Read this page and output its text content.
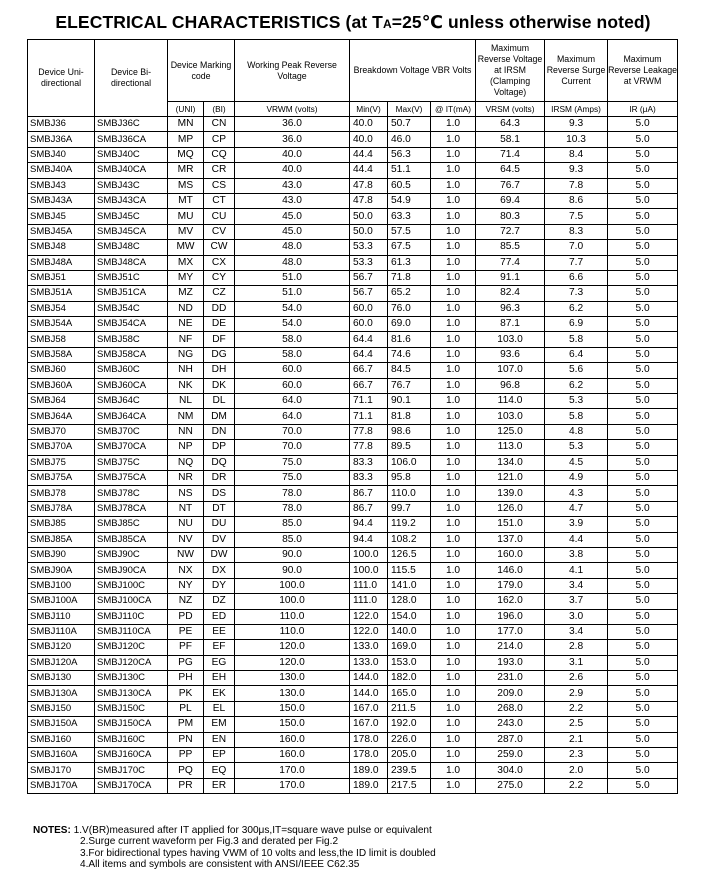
ELECTRICAL CHARACTERISTICS (at TA=25℃ unless otherwise noted)
Device Uni- directional	Device Bi- directional	Device Marking code		Working Peak Reverse Voltage	Breakdown Voltage VBR Volts			Maximum Reverse Voltage at IRSM (Clamping Voltage)	Maximum Reverse Surge Current	Maximum Reverse Leakage at VRWM
		(UNI)	(BI)	VRWM (volts)	Min(V)	Max(V)	@ IT(mA)	VRSM (volts)	IRSM (Amps)	IR (μA)
SMBJ36	SMBJ36C	MN	CN	36.0	40.0	50.7	1.0	64.3	9.3	5.0
SMBJ36A	SMBJ36CA	MP	CP	36.0	40.0	46.0	1.0	58.1	10.3	5.0
SMBJ40	SMBJ40C	MQ	CQ	40.0	44.4	56.3	1.0	71.4	8.4	5.0
SMBJ40A	SMBJ40CA	MR	CR	40.0	44.4	51.1	1.0	64.5	9.3	5.0
SMBJ43	SMBJ43C	MS	CS	43.0	47.8	60.5	1.0	76.7	7.8	5.0
SMBJ43A	SMBJ43CA	MT	CT	43.0	47.8	54.9	1.0	69.4	8.6	5.0
SMBJ45	SMBJ45C	MU	CU	45.0	50.0	63.3	1.0	80.3	7.5	5.0
SMBJ45A	SMBJ45CA	MV	CV	45.0	50.0	57.5	1.0	72.7	8.3	5.0
SMBJ48	SMBJ48C	MW	CW	48.0	53.3	67.5	1.0	85.5	7.0	5.0
SMBJ48A	SMBJ48CA	MX	CX	48.0	53.3	61.3	1.0	77.4	7.7	5.0
SMBJ51	SMBJ51C	MY	CY	51.0	56.7	71.8	1.0	91.1	6.6	5.0
SMBJ51A	SMBJ51CA	MZ	CZ	51.0	56.7	65.2	1.0	82.4	7.3	5.0
SMBJ54	SMBJ54C	ND	DD	54.0	60.0	76.0	1.0	96.3	6.2	5.0
SMBJ54A	SMBJ54CA	NE	DE	54.0	60.0	69.0	1.0	87.1	6.9	5.0
SMBJ58	SMBJ58C	NF	DF	58.0	64.4	81.6	1.0	103.0	5.8	5.0
SMBJ58A	SMBJ58CA	NG	DG	58.0	64.4	74.6	1.0	93.6	6.4	5.0
SMBJ60	SMBJ60C	NH	DH	60.0	66.7	84.5	1.0	107.0	5.6	5.0
SMBJ60A	SMBJ60CA	NK	DK	60.0	66.7	76.7	1.0	96.8	6.2	5.0
SMBJ64	SMBJ64C	NL	DL	64.0	71.1	90.1	1.0	114.0	5.3	5.0
SMBJ64A	SMBJ64CA	NM	DM	64.0	71.1	81.8	1.0	103.0	5.8	5.0
SMBJ70	SMBJ70C	NN	DN	70.0	77.8	98.6	1.0	125.0	4.8	5.0
SMBJ70A	SMBJ70CA	NP	DP	70.0	77.8	89.5	1.0	113.0	5.3	5.0
SMBJ75	SMBJ75C	NQ	DQ	75.0	83.3	106.0	1.0	134.0	4.5	5.0
SMBJ75A	SMBJ75CA	NR	DR	75.0	83.3	95.8	1.0	121.0	4.9	5.0
SMBJ78	SMBJ78C	NS	DS	78.0	86.7	110.0	1.0	139.0	4.3	5.0
SMBJ78A	SMBJ78CA	NT	DT	78.0	86.7	99.7	1.0	126.0	4.7	5.0
SMBJ85	SMBJ85C	NU	DU	85.0	94.4	119.2	1.0	151.0	3.9	5.0
SMBJ85A	SMBJ85CA	NV	DV	85.0	94.4	108.2	1.0	137.0	4.4	5.0
SMBJ90	SMBJ90C	NW	DW	90.0	100.0	126.5	1.0	160.0	3.8	5.0
SMBJ90A	SMBJ90CA	NX	DX	90.0	100.0	115.5	1.0	146.0	4.1	5.0
SMBJ100	SMBJ100C	NY	DY	100.0	111.0	141.0	1.0	179.0	3.4	5.0
SMBJ100A	SMBJ100CA	NZ	DZ	100.0	111.0	128.0	1.0	162.0	3.7	5.0
SMBJ110	SMBJ110C	PD	ED	110.0	122.0	154.0	1.0	196.0	3.0	5.0
SMBJ110A	SMBJ110CA	PE	EE	110.0	122.0	140.0	1.0	177.0	3.4	5.0
SMBJ120	SMBJ120C	PF	EF	120.0	133.0	169.0	1.0	214.0	2.8	5.0
SMBJ120A	SMBJ120CA	PG	EG	120.0	133.0	153.0	1.0	193.0	3.1	5.0
SMBJ130	SMBJ130C	PH	EH	130.0	144.0	182.0	1.0	231.0	2.6	5.0
SMBJ130A	SMBJ130CA	PK	EK	130.0	144.0	165.0	1.0	209.0	2.9	5.0
SMBJ150	SMBJ150C	PL	EL	150.0	167.0	211.5	1.0	268.0	2.2	5.0
SMBJ150A	SMBJ150CA	PM	EM	150.0	167.0	192.0	1.0	243.0	2.5	5.0
SMBJ160	SMBJ160C	PN	EN	160.0	178.0	226.0	1.0	287.0	2.1	5.0
SMBJ160A	SMBJ160CA	PP	EP	160.0	178.0	205.0	1.0	259.0	2.3	5.0
SMBJ170	SMBJ170C	PQ	EQ	170.0	189.0	239.5	1.0	304.0	2.0	5.0
SMBJ170A	SMBJ170CA	PR	ER	170.0	189.0	217.5	1.0	275.0	2.2	5.0
NOTES: 1.V(BR)measured after IT applied for 300μs,IT=square wave pulse or equivalent
2.Surge current waveform per Fig.3 and derated per Fig.2
3.For bidirectional types having VWM of 10 volts and less,the ID limit is doubled
4.All items and symbols are consistent with ANSI/IEEE C62.35
